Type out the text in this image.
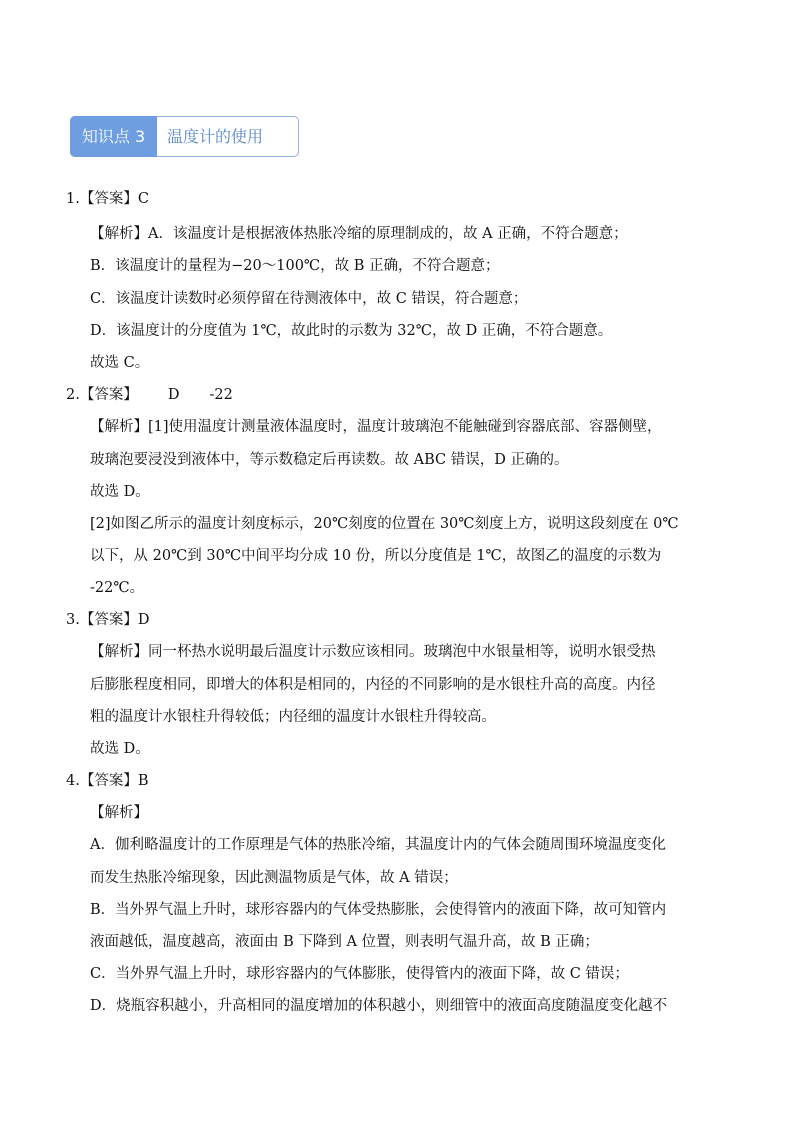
知识点 3	温度计的使用
1.【答案】C
【解析】A．该温度计是根据液体热胀冷缩的原理制成的，故 A 正确，不符合题意；
B．该温度计的量程为−20～100℃，故 B 正确，不符合题意；
C．该温度计读数时必须停留在待测液体中，故 C 错误，符合题意；
D．该温度计的分度值为 1℃，故此时的示数为 32℃，故 D 正确，不符合题意。
故选 C。
2.【答案】 D -22
【解析】[1]使用温度计测量液体温度时，温度计玻璃泡不能触碰到容器底部、容器侧壁，
玻璃泡要浸没到液体中，等示数稳定后再读数。故 ABC 错误，D 正确的。
故选 D。
[2]如图乙所示的温度计刻度标示，20℃刻度的位置在 30℃刻度上方，说明这段刻度在 0℃
以下，从 20℃到 30℃中间平均分成 10 份，所以分度值是 1℃，故图乙的温度的示数为
-22℃。
3.【答案】D
【解析】同一杯热水说明最后温度计示数应该相同。玻璃泡中水银量相等，说明水银受热
后膨胀程度相同，即增大的体积是相同的，内径的不同影响的是水银柱升高的高度。内径
粗的温度计水银柱升得较低；内径细的温度计水银柱升得较高。
故选 D。
4.【答案】B
【解析】
A．伽利略温度计的工作原理是气体的热胀冷缩，其温度计内的气体会随周围环境温度变化
而发生热胀冷缩现象，因此测温物质是气体，故 A 错误；
B．当外界气温上升时，球形容器内的气体受热膨胀，会使得管内的液面下降，故可知管内
液面越低，温度越高，液面由 B 下降到 A 位置，则表明气温升高，故 B 正确；
C．当外界气温上升时，球形容器内的气体膨胀，使得管内的液面下降，故 C 错误；
D．烧瓶容积越小，升高相同的温度增加的体积越小，则细管中的液面高度随温度变化越不
